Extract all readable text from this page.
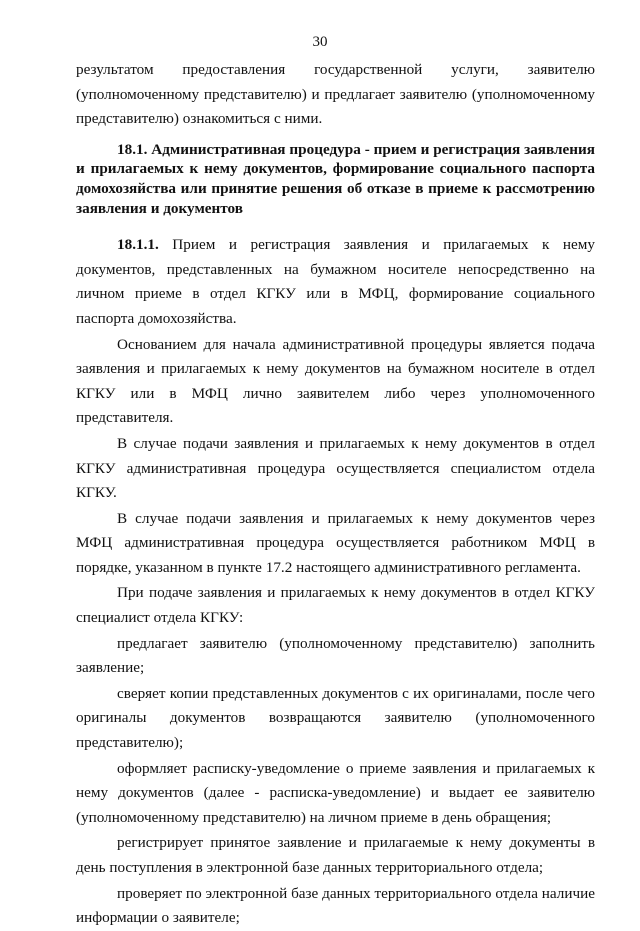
30

результатом предоставления государственной услуги, заявителю (уполномоченному представителю) и предлагает заявителю (уполномоченному представителю) ознакомиться с ними.

18.1. Административная процедура - прием и регистрация заявления и прилагаемых к нему документов, формирование социального паспорта домохозяйства или принятие решения об отказе в приеме к рассмотрению заявления и документов

18.1.1. Прием и регистрация заявления и прилагаемых к нему документов, представленных на бумажном носителе непосредственно на личном приеме в отдел КГКУ или в МФЦ, формирование социального паспорта домохозяйства.

Основанием для начала административной процедуры является подача заявления и прилагаемых к нему документов на бумажном носителе в отдел КГКУ или в МФЦ лично заявителем либо через уполномоченного представителя.

В случае подачи заявления и прилагаемых к нему документов в отдел КГКУ административная процедура осуществляется специалистом отдела КГКУ.

В случае подачи заявления и прилагаемых к нему документов через МФЦ административная процедура осуществляется работником МФЦ в порядке, указанном в пункте 17.2 настоящего административного регламента.

При подаче заявления и прилагаемых к нему документов в отдел КГКУ специалист отдела КГКУ:

предлагает заявителю (уполномоченному представителю) заполнить заявление;

сверяет копии представленных документов с их оригиналами, после чего оригиналы документов возвращаются заявителю (уполномоченного представителю);

оформляет расписку-уведомление о приеме заявления и прилагаемых к нему документов (далее - расписка-уведомление) и выдает ее заявителю (уполномоченному представителю) на личном приеме в день обращения;

регистрирует принятое заявление и прилагаемые к нему документы в день поступления в электронной базе данных территориального отдела;

проверяет по электронной базе данных территориального отдела наличие информации о заявителе;
